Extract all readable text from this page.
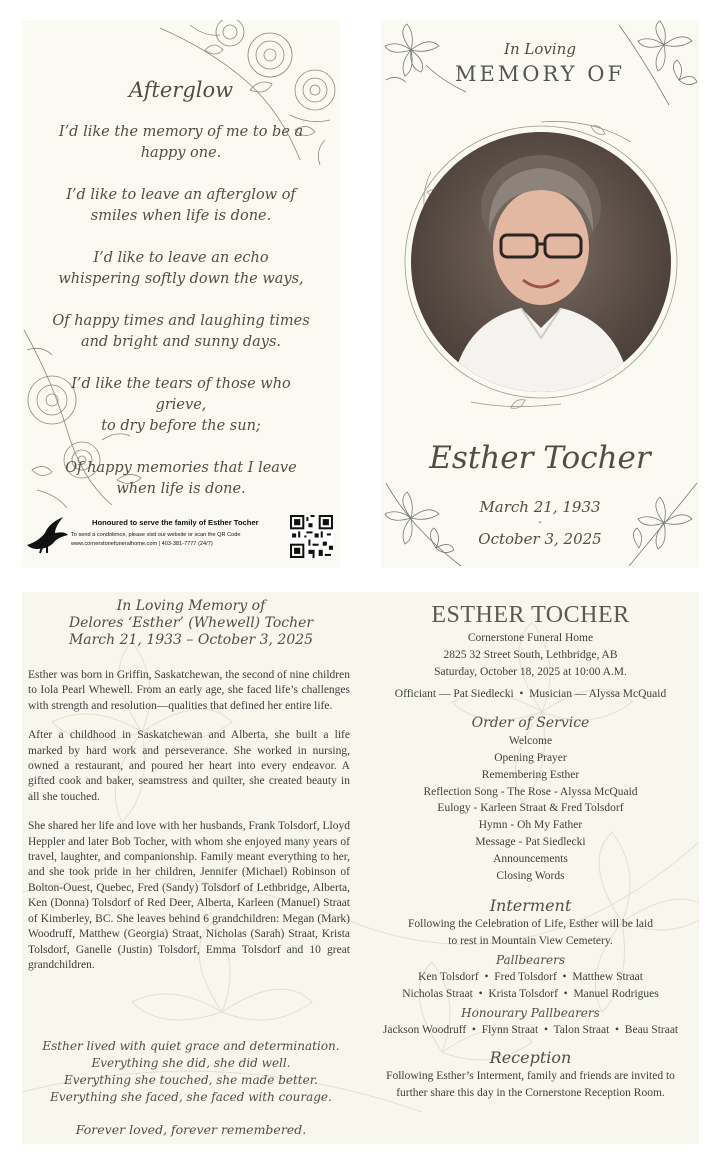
Afterglow

I’d like the memory of me to be a
happy one.

I’d like to leave an afterglow of
smiles when life is done.

I’d like to leave an echo
whispering softly down the ways,

Of happy times and laughing times
and bright and sunny days.

I’d like the tears of those who grieve,
to dry before the sun;

Of happy memories that I leave
when life is done.

Honoured to serve the family of Esther Tocher
To send a condolence, please visit our website or scan the QR Code
www.cornerstonefuneralhome.com | 403-381-7777 (24/7)
In Loving
MEMORY OF
Esther Tocher
March 21, 1933
-
October 3, 2025
In Loving Memory of
Delores ‘Esther’ (Whewell) Tocher
March 21, 1933 – October 3, 2025

Esther was born in Griffin, Saskatchewan, the second of nine children to Iola Pearl Whewell. From an early age, she faced life’s challenges with strength and resolution—qualities that defined her entire life.

After a childhood in Saskatchewan and Alberta, she built a life marked by hard work and perseverance. She worked in nursing, owned a restaurant, and poured her heart into every endeavor. A gifted cook and baker, seamstress and quilter, she created beauty in all she touched.

She shared her life and love with her husbands, Frank Tolsdorf, Lloyd Heppler and later Bob Tocher, with whom she enjoyed many years of travel, laughter, and companionship. Family meant everything to her, and she took pride in her children, Jennifer (Michael) Robinson of Bolton-Ouest, Quebec, Fred (Sandy) Tolsdorf of Lethbridge, Alberta, Ken (Donna) Tolsdorf of Red Deer, Alberta, Karleen (Manuel) Straat of Kimberley, BC. She leaves behind 6 grandchildren: Megan (Mark) Woodruff, Matthew (Georgia) Straat, Nicholas (Sarah) Straat, Krista Tolsdorf, Ganelle (Justin) Tolsdorf, Emma Tolsdorf and 10 great grandchildren.

Esther lived with quiet grace and determination.
Everything she did, she did well.
Everything she touched, she made better.
Everything she faced, she faced with courage.
Forever loved, forever remembered.
ESTHER TOCHER
Cornerstone Funeral Home
2825 32 Street South, Lethbridge, AB
Saturday, October 18, 2025 at 10:00 A.M.
Officiant — Pat Siedlecki  •  Musician — Alyssa McQuaid
Order of Service
Welcome
Opening Prayer
Remembering Esther
Reflection Song - The Rose - Alyssa McQuaid
Eulogy - Karleen Straat & Fred Tolsdorf
Hymn - Oh My Father
Message - Pat Siedlecki
Announcements
Closing Words
Interment
Following the Celebration of Life, Esther will be laid
to rest in Mountain View Cemetery.
Pallbearers
Ken Tolsdorf  •  Fred Tolsdorf  •  Matthew Straat
Nicholas Straat  •  Krista Tolsdorf  •  Manuel Rodrigues
Honourary Pallbearers
Jackson Woodruff  •  Flynn Straat  •  Talon Straat  •  Beau Straat
Reception
Following Esther’s Interment, family and friends are invited to
further share this day in the Cornerstone Reception Room.
